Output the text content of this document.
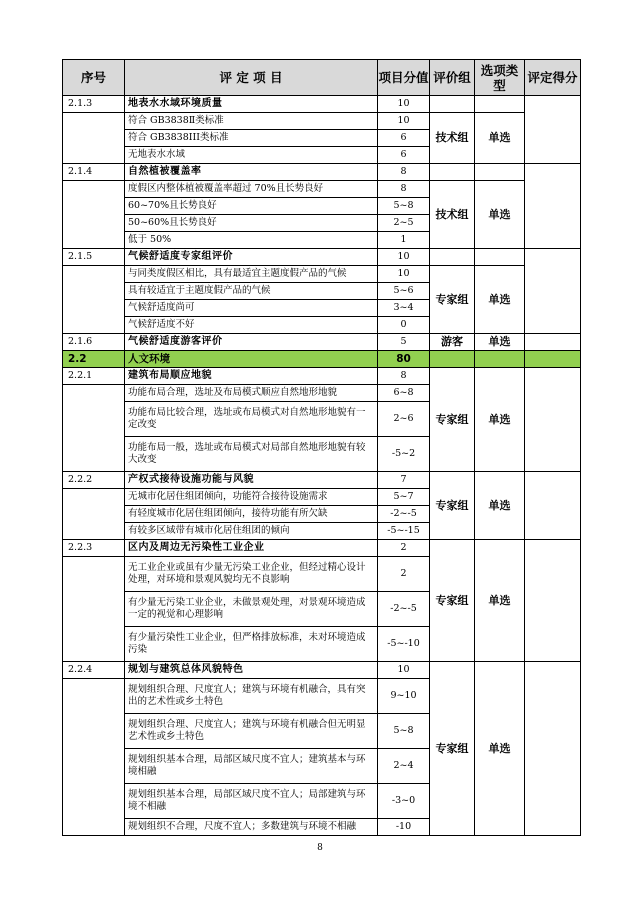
序号	评 定 项 目	项目分值	评价组	选项类型	评定得分
2.1.3	地表水水域环境质量	10			
	符合 GB3838Ⅱ类标准	10	技术组	单选	
	符合 GB3838III类标准	6			
	无地表水水域	6			
2.1.4	自然植被覆盖率	8			
	度假区内整体植被覆盖率超过 70%且长势良好	8	技术组	单选	
	60~70%且长势良好	5~8			
	50~60%且长势良好	2~5			
	低于 50%	1			
2.1.5	气候舒适度专家组评价	10			
	与同类度假区相比，具有最适宜主题度假产品的气候	10	专家组	单选	
	具有较适宜于主题度假产品的气候	5~6			
	气候舒适度尚可	3~4			
	气候舒适度不好	0			
2.1.6	气候舒适度游客评价	5	游客	单选	
2.2	人文环境	80			
2.2.1	建筑布局顺应地貌	8	专家组	单选	
	功能布局合理，选址及布局模式顺应自然地形地貌	6~8			
	功能布局比较合理，选址或布局模式对自然地形地貌有一定改变	2~6			
	功能布局一般，选址或布局模式对局部自然地形地貌有较大改变	-5~2			
2.2.2	产权式接待设施功能与风貌	7	专家组	单选	
	无城市化居住组团倾向，功能符合接待设施需求	5~7			
	有轻度城市化居住组团倾向，接待功能有所欠缺	-2~-5			
	有较多区域带有城市化居住组团的倾向	-5~-15			
2.2.3	区内及周边无污染性工业企业	2	专家组	单选	
	无工业企业或虽有少量无污染工业企业，但经过精心设计处理，对环境和景观风貌均无不良影响	2			
	有少量无污染工业企业，未做景观处理，对景观环境造成一定的视觉和心理影响	-2~-5			
	有少量污染性工业企业，但严格排放标准，未对环境造成污染	-5~-10			
2.2.4	规划与建筑总体风貌特色	10	专家组	单选	
	规划组织合理、尺度宜人；建筑与环境有机融合，具有突出的艺术性或乡土特色	9~10			
	规划组织合理、尺度宜人；建筑与环境有机融合但无明显艺术性或乡土特色	5~8			
	规划组织基本合理，局部区域尺度不宜人；建筑基本与环境相融	2~4			
	规划组织基本合理，局部区域尺度不宜人；局部建筑与环境不相融	-3~0			
	规划组织不合理，尺度不宜人；多数建筑与环境不相融	-10			
8
